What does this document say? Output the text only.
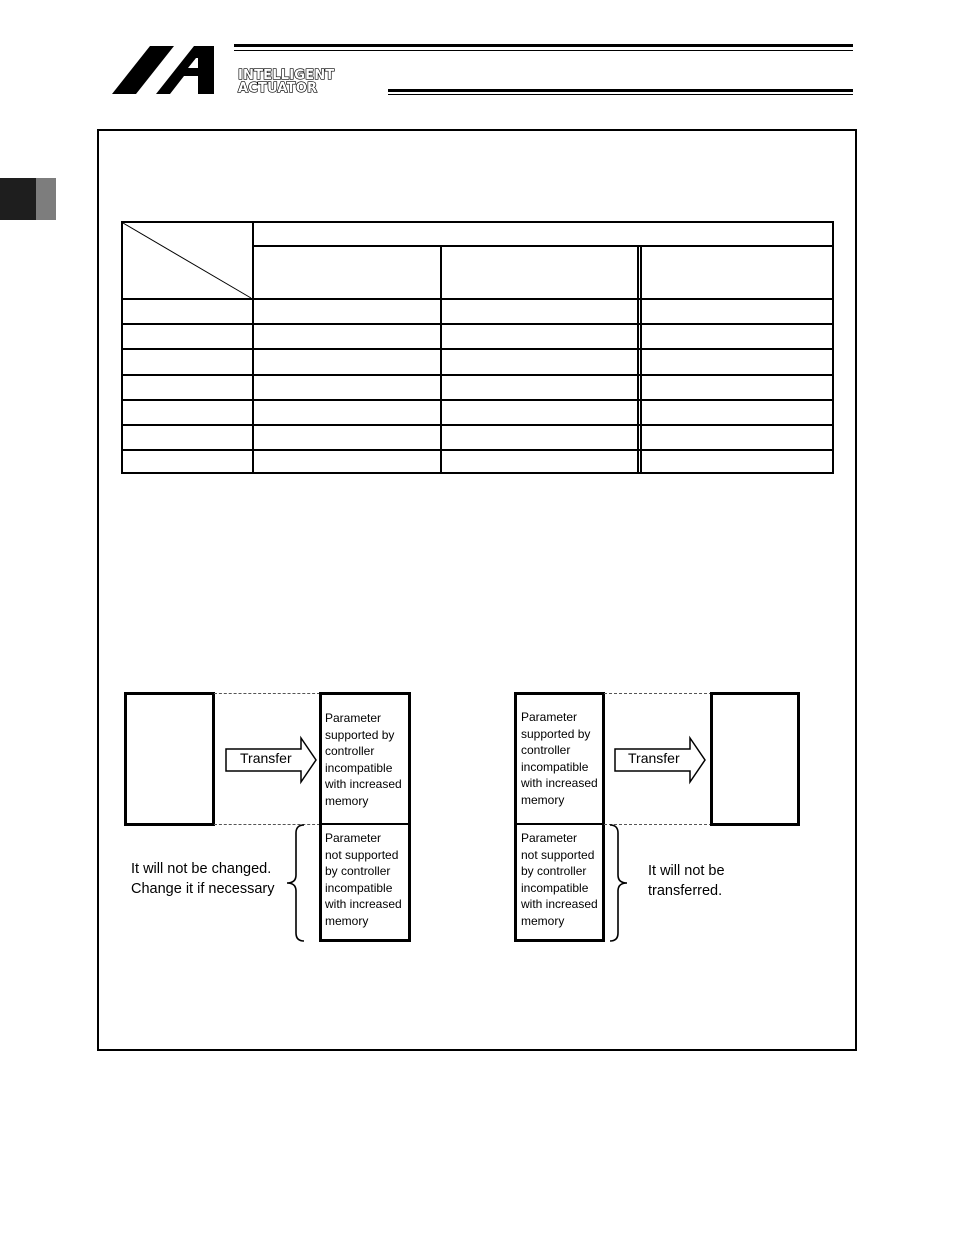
INTELLIGENT
ACTUATOR
Transfer
Parameter
supported by
controller
incompatible
with increased
memory
Parameter
not supported
by controller
incompatible
with increased
memory
It will not be changed.
Change it if necessary
Parameter
supported by
controller
incompatible
with increased
memory
Parameter
not supported
by controller
incompatible
with increased
memory
Transfer
It will not be
transferred.
